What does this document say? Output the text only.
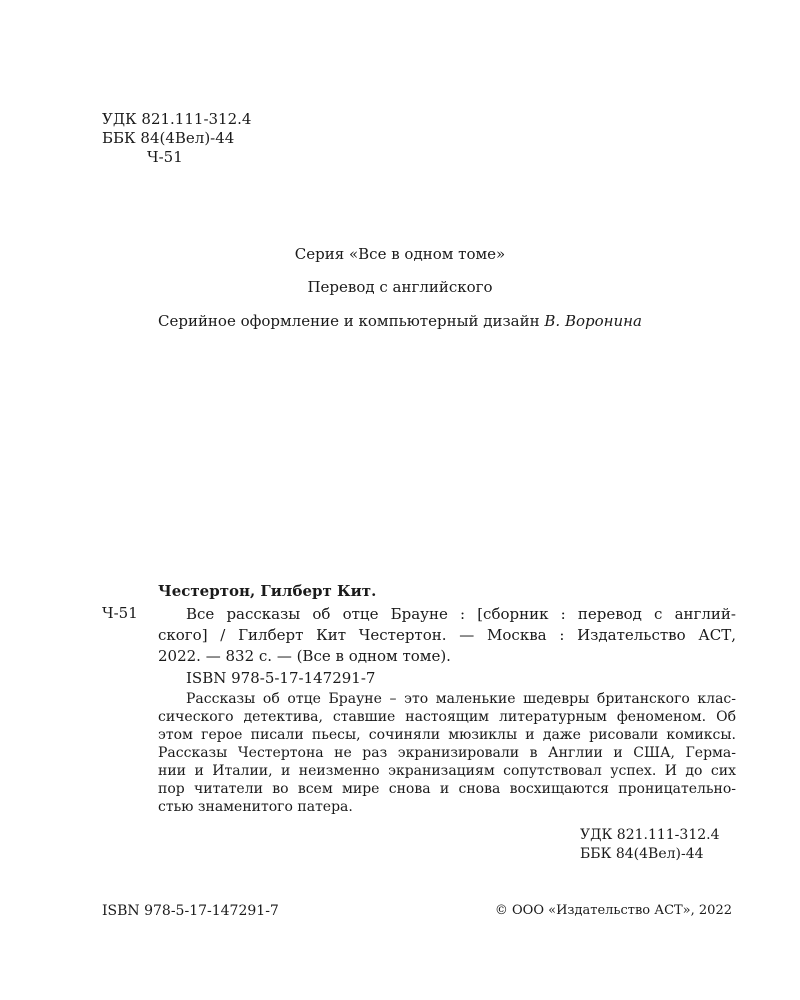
УДК 821.111-312.4
ББК 84(4Вел)-44
Ч-51
Серия «Все в одном томе»
Перевод с английского
Серийное оформление и компьютерный дизайн В. Воронина
Честертон, Гилберт Кит.
Ч-51	Все рассказы об отце Брауне : [сборник : перевод с англий-
ского] / Гилберт Кит Честертон. — Москва : Издательство АСТ,
2022. — 832 с. — (Все в одном томе).
ISBN 978-5-17-147291-7
Рассказы об отце Брауне – это маленькие шедевры британского клас-
сического детектива, ставшие настоящим литературным феноменом. Об
этом герое писали пьесы, сочиняли мюзиклы и даже рисовали комиксы.
Рассказы Честертона не раз экранизировали в Англии и США, Герма-
нии и Италии, и неизменно экранизациям сопутствовал успех. И до сих
пор читатели во всем мире снова и снова восхищаются проницательно-
стью знаменитого патера.
УДК 821.111-312.4
ББК 84(4Вел)-44
ISBN 978-5-17-147291-7	© ООО «Издательство АСТ», 2022
